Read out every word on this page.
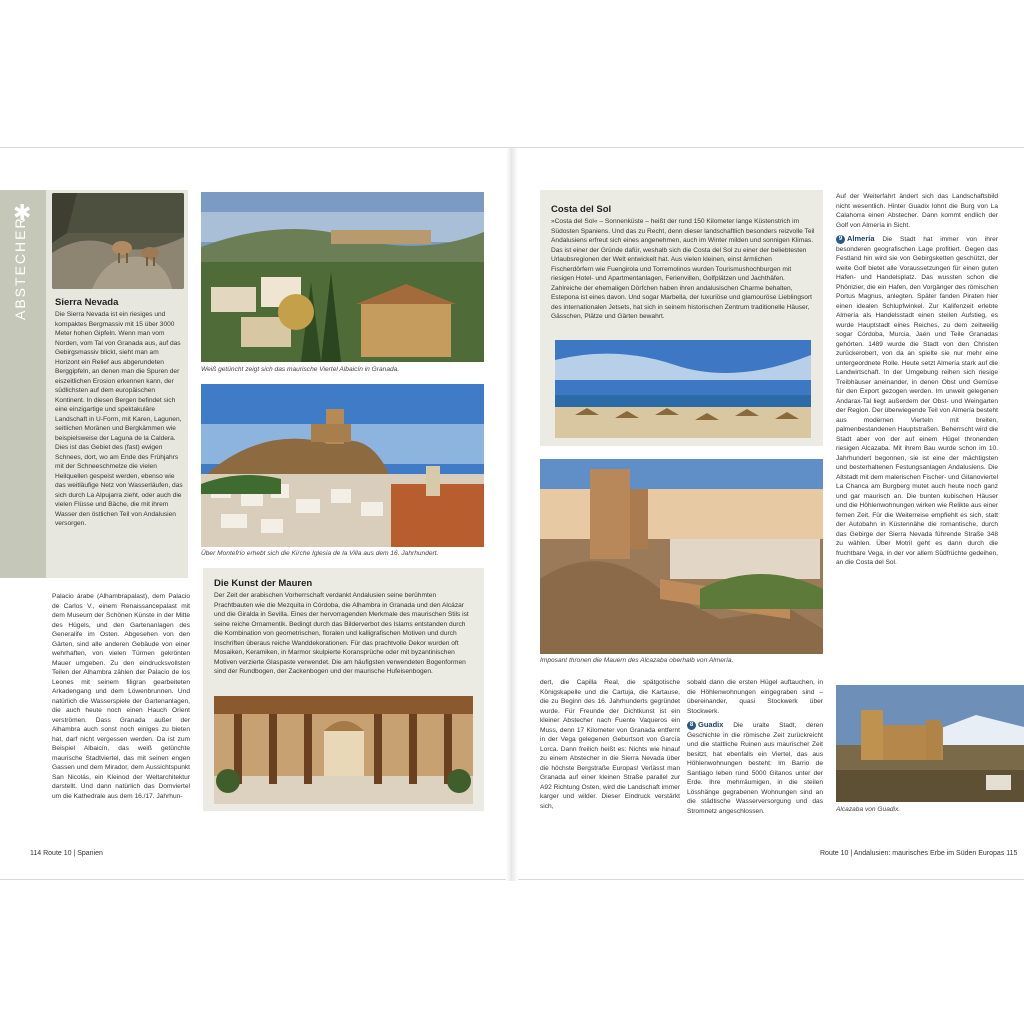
✱
ABSTECHER	Sierra Nevada

Die Sierra Nevada ist ein riesiges und kompaktes Bergmassiv mit 15 über 3000 Meter hohen Gipfeln. Wenn man vom Norden, vom Tal von Granada aus, auf das Gebirgsmassiv blickt, sieht man am Horizont ein Relief aus abgerundeten Berggipfeln, an denen man die Spuren der eiszeitlichen Erosion erkennen kann, der südlichsten auf dem europäischen Kontinent. In diesen Bergen befindet sich eine einzigartige und spektakuläre Landschaft in U-Form, mit Karen, Lagunen, seitlichen Moränen und Bergkämmen wie beispielsweise der Laguna de la Caldera. Dies ist das Gebiet des (fast) ewigen Schnees, dort, wo am Ende des Frühjahrs mit der Schneeschmelze die vielen Heilquellen gespeist werden, ebenso wie das weitläufige Netz von Wasserläufen, das sich durch La Alpujarra zieht, oder auch die vielen Flüsse und Bäche, die mit ihrem Wasser den östlichen Teil von Andalusien versorgen.

Palacio árabe (Alhambrapalast), dem Palacio de Carlos V., einem Renaissancepalast mit dem Museum der Schönen Künste in der Mitte des Hügels, und den Gartenanlagen des Generalife im Osten. Abgesehen von den Gärten, sind alle anderen Gebäude von einer wehrhaften, von vielen Türmen gekrönten Mauer umgeben. Zu den eindrucksvollsten Teilen der Alhambra zählen der Palacio de los Leones mit seinem filigran gearbeiteten Arkadengang und dem Löwenbrunnen. Und natürlich die Wasserspiele der Gartenanlagen, die auch heute noch einen Hauch Orient verströmen. Dass Granada außer der Alhambra auch sonst noch einiges zu bieten hat, darf nicht vergessen werden. Da ist zum Beispiel Albaicín, das weiß getünchte maurische Stadtviertel, das mit seinen engen Gassen und dem Mirador, dem Aussichtspunkt San Nicolás, ein Kleinod der Weltarchitektur darstellt. Und dann natürlich das Domviertel um die Kathedrale aus dem 16./17. Jahrhun-
Weiß getüncht zeigt sich das maurische Viertel Albaicín in Granada.
Über Montefrío erhebt sich die Kirche Iglesia de la Villa aus dem 16. Jahrhundert.
Die Kunst der Mauren

Der Zeit der arabischen Vorherrschaft verdankt Andalusien seine berühmten Prachtbauten wie die Mezquita in Córdoba, die Alhambra in Granada und den Alcázar und die Giralda in Sevilla. Eines der hervorragenden Merkmale des maurischen Stils ist seine reiche Ornamentik. Bedingt durch das Bilderverbot des Islams entstanden durch die Kombination von geometrischen, floralen und kalligrafischen Motiven und durch Inschriften überaus reiche Wanddekorationen. Für das prachtvolle Dekor wurden oft Mosaiken, Keramiken, in Marmor skulpierte Koransprüche oder mit byzantinischen Motiven verzierte Glaspaste verwendet. Die am häufigsten verwendeten Bogenformen sind der Rundbogen, der Zackenbogen und der maurische Hufeisenbogen.

114 Route 10 | Spanien
Costa del Sol

»Costa del Sol« – Sonnenküste – heißt der rund 150 Kilometer lange Küstenstrich im Südosten Spaniens. Und das zu Recht, denn dieser landschaftlich besonders reizvolle Teil Andalusiens erfreut sich eines angenehmen, auch im Winter milden und sonnigen Klimas. Das ist einer der Gründe dafür, weshalb sich die Costa del Sol zu einer der beliebtesten Urlaubsregionen der Welt entwickelt hat. Aus vielen kleinen, einst ärmlichen Fischerdörfern wie Fuengirola und Torremolinos wurden Tourismushochburgen mit riesigen Hotel- und Apartmentanlagen, Ferienvillen, Golfplätzen und Jachthäfen. Zahlreiche der ehemaligen Dörfchen haben ihren andalusischen Charme behalten, Estepona ist eines davon. Und sogar Marbella, der luxuriöse und glamouröse Lieblingsort des internationalen Jetsets, hat sich in seinem historischen Zentrum traditionelle Häuser, Gässchen, Plätze und Gärten bewahrt.

Imposant thronen die Mauern des Alcazaba oberhalb von Almería.
dert, die Capilla Real, die spätgotische Königskapelle und die Cartuja, die Kartause, die zu Beginn des 16. Jahrhunderts gegründet wurde. Für Freunde der Dichtkunst ist ein kleiner Abstecher nach Fuente Vaqueros ein Muss, denn 17 Kilometer von Granada entfernt in der Vega gelegenen Geburtsort von García Lorca. Dann freilich heißt es: Nichts wie hinauf zu einem Abstecher in die Sierra Nevada über die höchste Bergstraße Europas! Verlässt man Granada auf einer kleinen Straße parallel zur A92 Richtung Osten, wird die Landschaft immer karger und wilder. Dieser Eindruck verstärkt sich,
sobald dann die ersten Hügel auftauchen, in die Höhlenwohnungen eingegraben sind – übereinander, quasi Stockwerk über Stockwerk.
8 Guadix Die uralte Stadt, deren Geschichte in die römische Zeit zurückreicht und die stattliche Ruinen aus maurischer Zeit besitzt, hat ebenfalls ein Viertel, das aus Höhlenwohnungen besteht: Im Barrio de Santiago leben rund 5000 Gitanos unter der Erde. Ihre mehrräumigen, in die steilen Lösshänge gegrabenen Wohnungen sind an die städtische Wasserversorgung und das Stromnetz angeschlossen.
Auf der Weiterfahrt ändert sich das Landschaftsbild nicht wesentlich. Hinter Guadix lohnt die Burg von La Calahorra einen Abstecher. Dann kommt endlich der Golf von Almería in Sicht.
9 Almería Die Stadt hat immer von ihrer besonderen geografischen Lage profitiert. Gegen das Festland hin wird sie von Gebirgsketten geschützt, der weite Golf bietet alle Voraussetzungen für einen guten Hafen- und Handelsplatz. Das wussten schon die Phönizier, die ein Hafen, den Vorgänger des römischen Portus Magnus, anlegten. Später fanden Piraten hier einen idealen Schlupfwinkel. Zur Kalifenzeit erlebte Almería als Handelsstadt einen steilen Aufstieg, es wurde Hauptstadt eines Reiches, zu dem zeitweilig sogar Córdoba, Murcia, Jaén und Teile Granadas gehörten. 1489 wurde die Stadt von den Christen zurückerobert, von da an spielte sie nur mehr eine untergeordnete Rolle. Heute setzt Almería stark auf die Landwirtschaft. In der Umgebung reihen sich riesige Treibhäuser aneinander, in denen Obst und Gemüse für den Export gezogen werden. Im unweit gelegenen Andarax-Tal liegt außerdem der Obst- und Weingarten der Region. Der überwiegende Teil von Almería besteht aus modernen Vierteln mit breiten, palmenbestandenen Hauptstraßen. Beherrscht wird die Stadt aber von der auf einem Hügel thronenden riesigen Alcazaba. Mit ihrem Bau wurde schon im 10. Jahrhundert begonnen, sie ist eine der mächtigsten und besterhaltenen Festungsanlagen Andalusiens. Die Altstadt mit dem malerischen Fischer- und Gitanoviertel La Chanca am Burgberg mutet auch heute noch ganz und gar maurisch an. Die bunten kubischen Häuser und die Höhlenwohnungen wirken wie Relikte aus einer fernen Zeit. Für die Weiterreise empfiehlt es sich, statt der Autobahn in Küstennähe die romantische, durch das Gebirge der Sierra Nevada führende Straße 348 zu wählen. Über Motril geht es dann durch die fruchtbare Vega, in der vor allem Südfrüchte gedeihen, an die Costa del Sol.
Alcazaba von Guadix.
Route 10 | Andalusien: maurisches Erbe im Süden Europas 115
